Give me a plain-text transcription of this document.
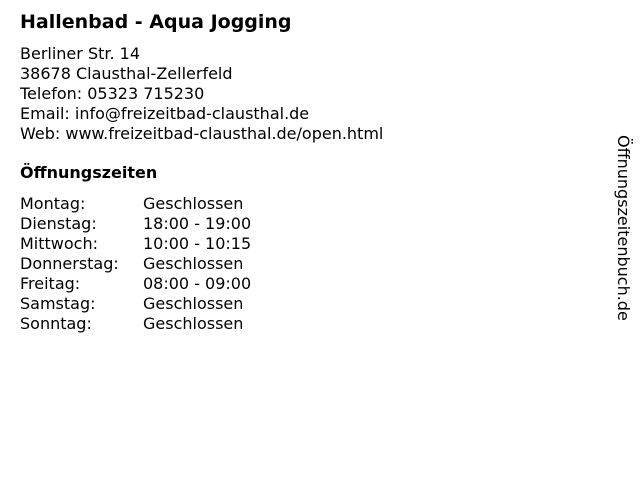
Hallenbad - Aqua Jogging
Berliner Str. 14
38678 Clausthal-Zellerfeld
Telefon: 05323 715230
Email: info@freizeitbad-clausthal.de
Web: www.freizeitbad-clausthal.de/open.html
Öffnungszeiten
Montag:	Geschlossen
Dienstag:	18:00 - 19:00
Mittwoch:	10:00 - 10:15
Donnerstag: Geschlossen
Freitag:	08:00 - 09:00
Samstag:	Geschlossen
Sonntag:	Geschlossen
Öffnungszeitenbuch.de
